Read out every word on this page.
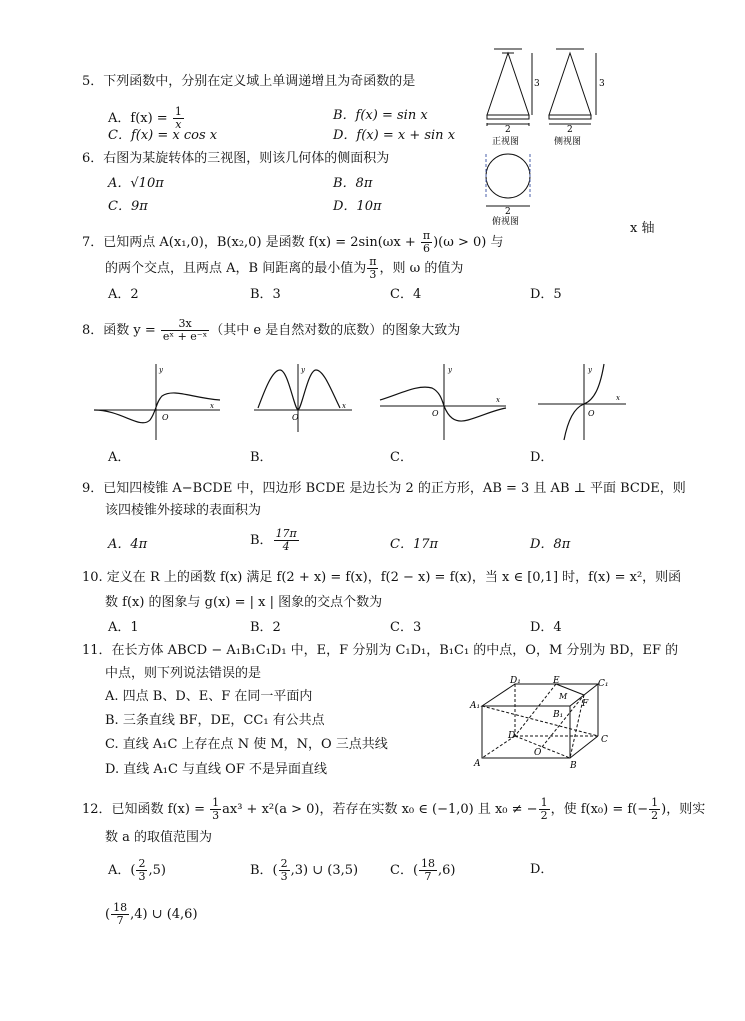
5．下列函数中，分别在定义域上单调递增且为奇函数的是
A．$f(x) = \frac{1}{x}$	B．f(x) = sin x
C．f(x) = x cos x	D．f(x) = x + sin x
6．右图为某旋转体的三视图，则该几何体的侧面积为
A．√10π	B．8π
C．9π	D．10π
3	3
2	2
正视图	侧视图
2
俯视图
7．已知两点 A(x₁,0)，B(x₂,0) 是函数 $f(x) = 2\sin(\omega x + \frac{\pi}{6} )(\omega > 0)$ 与
x 轴
的两个交点，且两点 A，B 间距离的最小值为 $\frac{\pi}{3}$ ，则 ω 的值为
A．2	B．3	C．4	D．5
8．函数 $y = \frac{3x}{\text{eˣ + e⁻ˣ}}$ （其中 e 是自然对数的底数）的图象大致为
y
x
O
y
x
O
y
x
O
y
x
O
A．	B．	C．	D．
9．已知四棱锥 A−BCDE 中，四边形 BCDE 是边长为 2 的正方形，AB = 3 且 AB ⊥ 平面 BCDE，则
该四棱锥外接球的表面积为
A．4π	B． $\frac{17\pi}{4}$	C．17π	D．8π
10. 定义在 R 上的函数 f(x) 满足 f(2 + x) = f(x)，f(2 − x) = f(x)，当 x ∈ [0,1] 时，f(x) = x²，则函
数 f(x) 的图象与 g(x) = | x | 图象的交点个数为
A．1	B．2	C．3	D．4
11．在长方体 ABCD − A₁B₁C₁D₁ 中，E，F 分别为 C₁D₁，B₁C₁ 的中点，O，M 分别为 BD，EF 的
中点，则下列说法错误的是
A. 四点 B、D、E、F 在同一平面内
B. 三条直线 BF，DE，CC₁ 有公共点
C. 直线 A₁C 上存在点 N 使 M，N，O 三点共线
D. 直线 A₁C 与直线 OF 不是异面直线
A₁
D₁	E	C₁
M
F
B₁
D	C
O
A	B
12．已知函数 $f(x) = \frac{1}{3} ax^3 + x^2(a > 0)$，若存在实数 x₀ ∈ (−1,0) 且 x₀ ≠ − $\frac{1}{2}$ ，使 $f(x_0) = f(- \frac{1}{2}$ )，则实
数 a 的取值范围为
A．( $\frac{2}{3} ,5$)	B．( $\frac{2}{3} ,3$) ∪ (3,5) C．( $\frac{18}{7} ,6$)	D．
( $\frac{18}{7} ,4$) ∪ (4,6)
